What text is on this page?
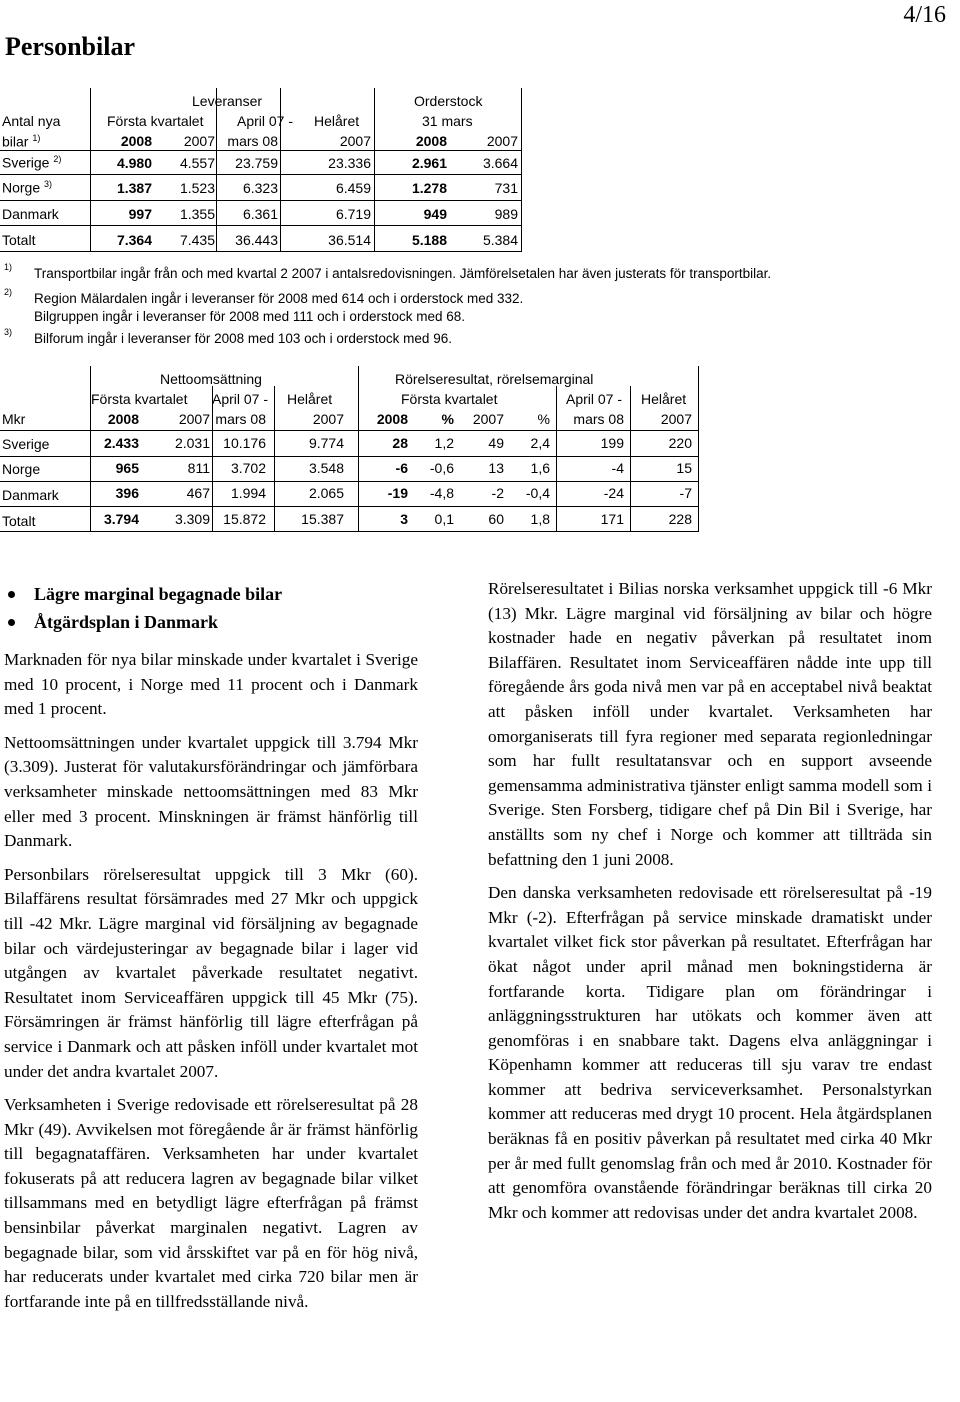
4/16
Personbilar
Leveranser	Orderstock
Första kvartalet April 07 - Helåret	31 mars
Antal nya
bilar $^{1)}$	2008 2007 mars 08	2007	2008	2007
Sverige $^{2)}$	4.980 4.557 23.759	23.336	2.961	3.664
Norge $^{3)}$	1.387 1.523 6.323	6.459	1.278	731
Danmark	997 1.355 6.361	6.719	949	989
Totalt	7.364 7.435 36.443	36.514	5.188	5.384
1) Transportbilar ingår från och med kvartal 2 2007 i antalsredovisningen. Jämförelsetalen har även justerats för transportbilar.
2) Region Mälardalen ingår i leveranser för 2008 med 614 och i orderstock med 332.
Bilgruppen ingår i leveranser för 2008 med 111 och i orderstock med 68.
3) Bilforum ingår i leveranser för 2008 med 103 och i orderstock med 96.
Nettoomsättning	Rörelseresultat, rörelsemarginal
Första kvartalet April 07 - Helåret	Första kvartalet	April 07 - Helåret
Mkr	2008	2007 mars 08	2007 2008 % 2007 % mars 08	2007
Sverige	2.433	2.031 10.176	9.774	28 1,2 49 2,4	199	220
Norge	965	811 3.702	3.548	-6 -0,6 13 1,6	-4	15
Danmark	396	467 1.994	2.065	-19 -4,8	-2 -0,4	-24	-7
Totalt	3.794	3.309 15.872	15.387	3 0,1 60 1,8	171	228
Lägre marginal begagnade bilar
Åtgärdsplan i Danmark

Marknaden för nya bilar minskade under kvartalet i Sverige med 10 procent, i Norge med 11 procent och i Danmark med 1 procent.

Nettoomsättningen under kvartalet uppgick till 3.794 Mkr (3.309). Justerat för valutakursförändringar och jämförbara verksamheter minskade nettoomsättningen med 83 Mkr eller med 3 procent. Minskningen är främst hänförlig till Danmark.

Personbilars rörelseresultat uppgick till 3 Mkr (60). Bilaffärens resultat försämrades med 27 Mkr och uppgick till -42 Mkr. Lägre marginal vid försäljning av begagnade bilar och värdejusteringar av begagnade bilar i lager vid utgången av kvartalet påverkade resultatet negativt. Resultatet inom Serviceaffären uppgick till 45 Mkr (75). Försämringen är främst hänförlig till lägre efterfrågan på service i Danmark och att påsken inföll under kvartalet mot under det andra kvartalet 2007.

Verksamheten i Sverige redovisade ett rörelseresultat på 28 Mkr (49). Avvikelsen mot föregående år är främst hänförlig till begagnataffären. Verksamheten har under kvartalet fokuserats på att reducera lagren av begagnade bilar vilket tillsammans med en betydligt lägre efterfrågan på främst bensinbilar påverkat marginalen negativt. Lagren av begagnade bilar, som vid årsskiftet var på en för hög nivå, har reducerats under kvartalet med cirka 720 bilar men är fortfarande inte på en tillfredsställande nivå.

Rörelseresultatet i Bilias norska verksamhet uppgick till -6 Mkr (13) Mkr. Lägre marginal vid försäljning av bilar och högre kostnader hade en negativ påverkan på resultatet inom Bilaffären. Resultatet inom Serviceaffären nådde inte upp till föregående års goda nivå men var på en acceptabel nivå beaktat att påsken inföll under kvartalet. Verksamheten har omorganiserats till fyra regioner med separata regionledningar som har fullt resultatansvar och en support avseende gemensamma administrativa tjänster enligt samma modell som i Sverige. Sten Forsberg, tidigare chef på Din Bil i Sverige, har anställts som ny chef i Norge och kommer att tillträda sin befattning den 1 juni 2008.

Den danska verksamheten redovisade ett rörelseresultat på -19 Mkr (-2). Efterfrågan på service minskade dramatiskt under kvartalet vilket fick stor påverkan på resultatet. Efterfrågan har ökat något under april månad men bokningstiderna är fortfarande korta. Tidigare plan om förändringar i anläggningsstrukturen har utökats och kommer även att genomföras i en snabbare takt. Dagens elva anläggningar i Köpenhamn kommer att reduceras till sju varav tre endast kommer att bedriva serviceverksamhet. Personalstyrkan kommer att reduceras med drygt 10 procent. Hela åtgärdsplanen beräknas få en positiv påverkan på resultatet med cirka 40 Mkr per år med fullt genomslag från och med år 2010. Kostnader för att genomföra ovanstående förändringar beräknas till cirka 20 Mkr och kommer att redovisas under det andra kvartalet 2008.
